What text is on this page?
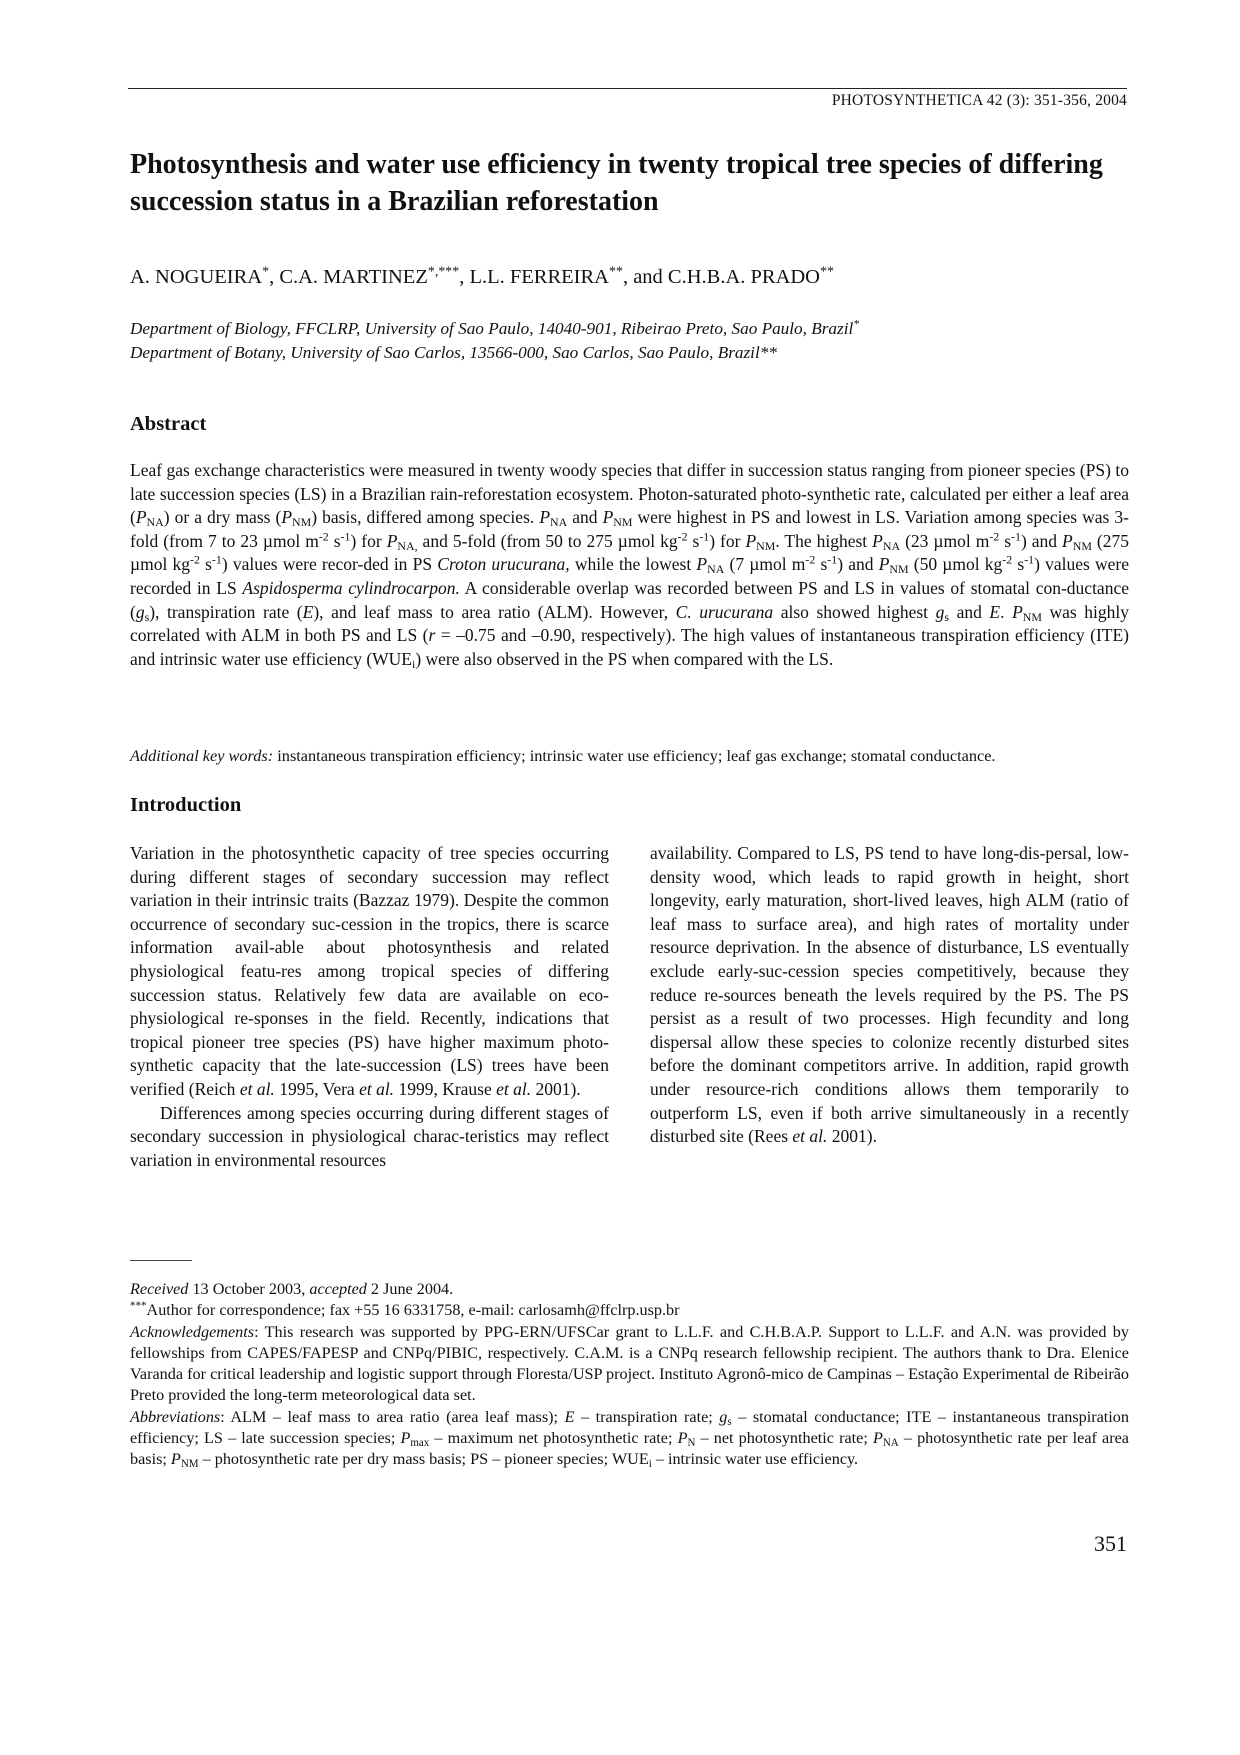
PHOTOSYNTHETICA 42 (3): 351-356, 2004
Photosynthesis and water use efficiency in twenty tropical tree species of differing succession status in a Brazilian reforestation
A. NOGUEIRA*, C.A. MARTINEZ*,***, L.L. FERREIRA**, and C.H.B.A. PRADO**
Department of Biology, FFCLRP, University of Sao Paulo, 14040-901, Ribeirao Preto, Sao Paulo, Brazil*
Department of Botany, University of Sao Carlos, 13566-000, Sao Carlos, Sao Paulo, Brazil**
Abstract

Leaf gas exchange characteristics were measured in twenty woody species that differ in succession status ranging from pioneer species (PS) to late succession species (LS) in a Brazilian rain-reforestation ecosystem. Photon-saturated photo-synthetic rate, calculated per either a leaf area $(P_{NA})$ or a dry mass $(P_{NM})$ basis, differed among species. $P_{NA}$ and $P_{NM}$ were highest in PS and lowest in LS. Variation among species was 3-fold (from 7 to 23 µmol $m^{-2}$ $s^{-1}$) for $P_{NA,}$ and 5-fold (from 50 to 275 µmol $kg^{-2}$ $s^{-1}$) for $P_{NM}$. The highest $P_{NA}$ (23 µmol $m^{-2}$ $s^{-1}$) and $P_{NM}$ (275 µmol $kg^{-2}$ $s^{-1}$) values were recor-ded in PS Croton urucurana, while the lowest $P_{NA}$ (7 µmol $m^{-2}$ $s^{-1}$) and $P_{NM}$ (50 µmol $kg^{-2}$ $s^{-1}$) values were recorded in LS Aspidosperma cylindrocarpon. A considerable overlap was recorded between PS and LS in values of stomatal con-ductance $(g_s)$, transpiration rate (E), and leaf mass to area ratio (ALM). However, C. urucurana also showed highest $g_s$ and E. $P_{NM}$ was highly correlated with ALM in both PS and LS (r = –0.75 and –0.90, respectively). The high values of instantaneous transpiration efficiency (ITE) and intrinsic water use efficiency $(WUE_i)$ were also observed in the PS when compared with the LS.

Additional key words: instantaneous transpiration efficiency; intrinsic water use efficiency; leaf gas exchange; stomatal conductance.
Introduction

Variation in the photosynthetic capacity of tree species occurring during different stages of secondary succession may reflect variation in their intrinsic traits (Bazzaz 1979). Despite the common occurrence of secondary suc-cession in the tropics, there is scarce information avail-able about photosynthesis and related physiological featu-res among tropical species of differing succession status. Relatively few data are available on eco-physiological re-sponses in the field. Recently, indications that tropical pioneer tree species (PS) have higher maximum photo-synthetic capacity that the late-succession (LS) trees have been verified (Reich et al. 1995, Vera et al. 1999, Krause et al. 2001).

Differences among species occurring during different stages of secondary succession in physiological charac-teristics may reflect variation in environmental resources

availability. Compared to LS, PS tend to have long-dis-persal, low-density wood, which leads to rapid growth in height, short longevity, early maturation, short-lived leaves, high ALM (ratio of leaf mass to surface area), and high rates of mortality under resource deprivation. In the absence of disturbance, LS eventually exclude early-suc-cession species competitively, because they reduce re-sources beneath the levels required by the PS. The PS persist as a result of two processes. High fecundity and long dispersal allow these species to colonize recently disturbed sites before the dominant competitors arrive. In addition, rapid growth under resource-rich conditions allows them temporarily to outperform LS, even if both arrive simultaneously in a recently disturbed site (Rees et al. 2001).

Received 13 October 2003, accepted 2 June 2004.

***Author for correspondence; fax +55 16 6331758, e-mail: carlosamh@ffclrp.usp.br

Acknowledgements: This research was supported by PPG-ERN/UFSCar grant to L.L.F. and C.H.B.A.P. Support to L.L.F. and A.N. was provided by fellowships from CAPES/FAPESP and CNPq/PIBIC, respectively. C.A.M. is a CNPq research fellowship recipient. The authors thank to Dra. Elenice Varanda for critical leadership and logistic support through Floresta/USP project. Instituto Agronô-mico de Campinas – Estação Experimental de Ribeirão Preto provided the long-term meteorological data set.

Abbreviations: ALM – leaf mass to area ratio (area leaf mass); E – transpiration rate; $g_s$ – stomatal conductance; ITE – instantaneous transpiration efficiency; LS – late succession species; $P_{max}$ – maximum net photosynthetic rate; $P_N$ – net photosynthetic rate; $P_{NA}$ – photosynthetic rate per leaf area basis; $P_{NM}$ – photosynthetic rate per dry mass basis; PS – pioneer species; $WUE_i$ – intrinsic water use efficiency.

351
